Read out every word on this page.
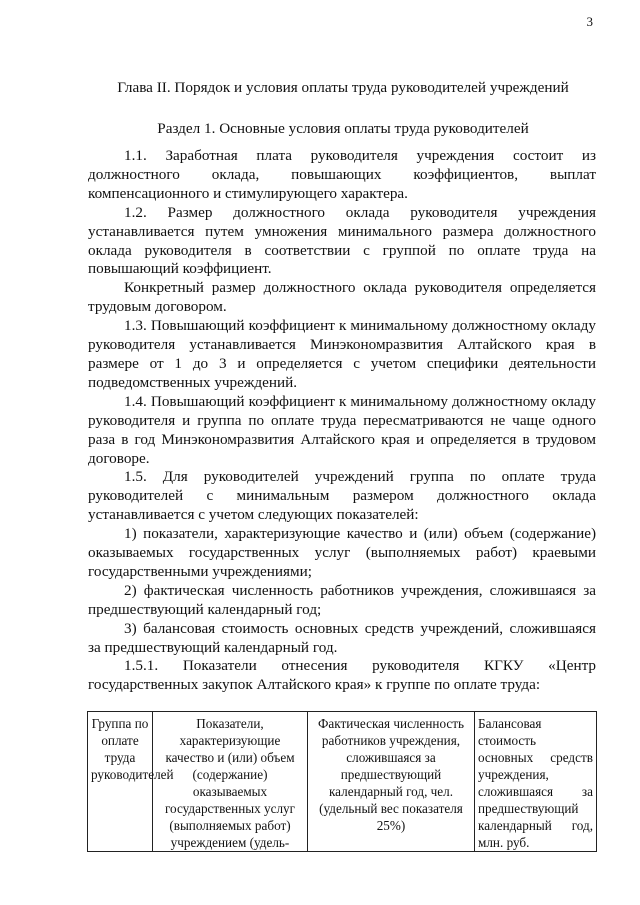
3
Глава II. Порядок и условия оплаты труда руководителей учреждений
Раздел 1. Основные условия оплаты труда руководителей

1.1. Заработная плата руководителя учреждения состоит из должностного оклада, повышающих коэффициентов, выплат компенсационного и стимулирующего характера.

1.2. Размер должностного оклада руководителя учреждения устанавливается путем умножения минимального размера должностного оклада руководителя в соответствии с группой по оплате труда на повышающий коэффициент.

Конкретный размер должностного оклада руководителя определяется трудовым договором.

1.3. Повышающий коэффициент к минимальному должностному окладу руководителя устанавливается Минэкономразвития Алтайского края в размере от 1 до 3 и определяется с учетом специфики деятельности подведомственных учреждений.

1.4. Повышающий коэффициент к минимальному должностному окладу руководителя и группа по оплате труда пересматриваются не чаще одного раза в год Минэкономразвития Алтайского края и определяется в трудовом договоре.

1.5. Для руководителей учреждений группа по оплате труда руководителей с минимальным размером должностного оклада устанавливается с учетом следующих показателей:

1) показатели, характеризующие качество и (или) объем (содержание) оказываемых государственных услуг (выполняемых работ) краевыми государственными учреждениями;

2) фактическая численность работников учреждения, сложившаяся за предшествующий календарный год;

3) балансовая стоимость основных средств учреждений, сложившаяся за предшествующий календарный год.

1.5.1. Показатели отнесения руководителя КГКУ «Центр государственных закупок Алтайского края» к группе по оплате труда:

Группа по оплате труда руководителей	Показатели, характеризующие качество и (или) объем (содержание) оказываемых государственных услуг (выполняемых работ) учреждением (удель-	Фактическая численность работников учреждения, сложившаяся за предшествующий календарный год, чел. (удельный вес показателя 25%)	Балансовая стоимость основных средств учреждения, сложившаяся за предшествующий календарный год, млн. руб.
